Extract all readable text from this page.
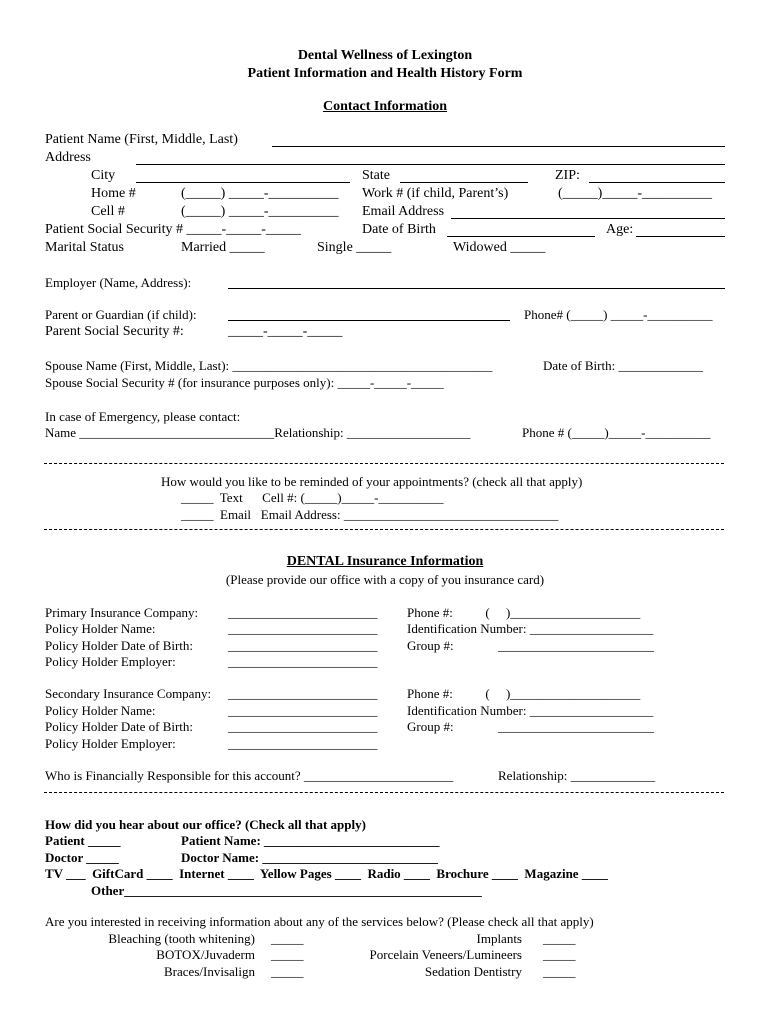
Dental Wellness of Lexington
Patient Information and Health History Form
Contact Information
Patient Name (First, Middle, Last)
Address
City	State	ZIP:
Home #	(_____) _____-__________ Work # (if child, Parent’s)	(_____)_____-__________
Cell #	(_____) _____-__________ Email Address
Patient Social Security # _____-_____-_____	Date of Birth	Age:
Marital Status	Married _____	Single _____	Widowed _____
Employer (Name, Address):
Parent or Guardian (if child):	Phone# (_____) _____-__________
Parent Social Security #:	_____-_____-_____
Spouse Name (First, Middle, Last): ________________________________________	Date of Birth: _____________
Spouse Social Security # (for insurance purposes only): _____-_____-_____
In case of Emergency, please contact:
Name ______________________________Relationship: ___________________	Phone # (_____)_____-__________
How would you like to be reminded of your appointments? (check all that apply)
_____  Text      Cell #: (_____)_____-__________
_____  Email   Email Address: _________________________________
DENTAL Insurance Information
(Please provide our office with a copy of you insurance card)
Primary Insurance Company: _______________________ Phone #:          (     )____________________
Policy Holder Name:	_______________________ Identification Number: ___________________
Policy Holder Date of Birth:	_______________________ Group #:	________________________
Policy Holder Employer:	_______________________
Secondary Insurance Company: _______________________ Phone #:          (     )____________________
Policy Holder Name:	_______________________ Identification Number: ___________________
Policy Holder Date of Birth:	_______________________ Group #:	________________________
Policy Holder Employer:	_______________________
Who is Financially Responsible for this account? _______________________	Relationship: _____________
How did you hear about our office? (Check all that apply)
Patient _____	Patient Name: ___________________________
Doctor _____	Doctor Name: ___________________________
TV ___  GiftCard ____  Internet ____  Yellow Pages ____  Radio ____  Brochure ____  Magazine ____
Other_______________________________________________________
Are you interested in receiving information about any of the services below? (Please check all that apply)
Bleaching (tooth whitening) _____	Implants _____
BOTOX/Juvaderm _____	Porcelain Veneers/Lumineers _____
Braces/Invisalign _____	Sedation Dentistry _____
